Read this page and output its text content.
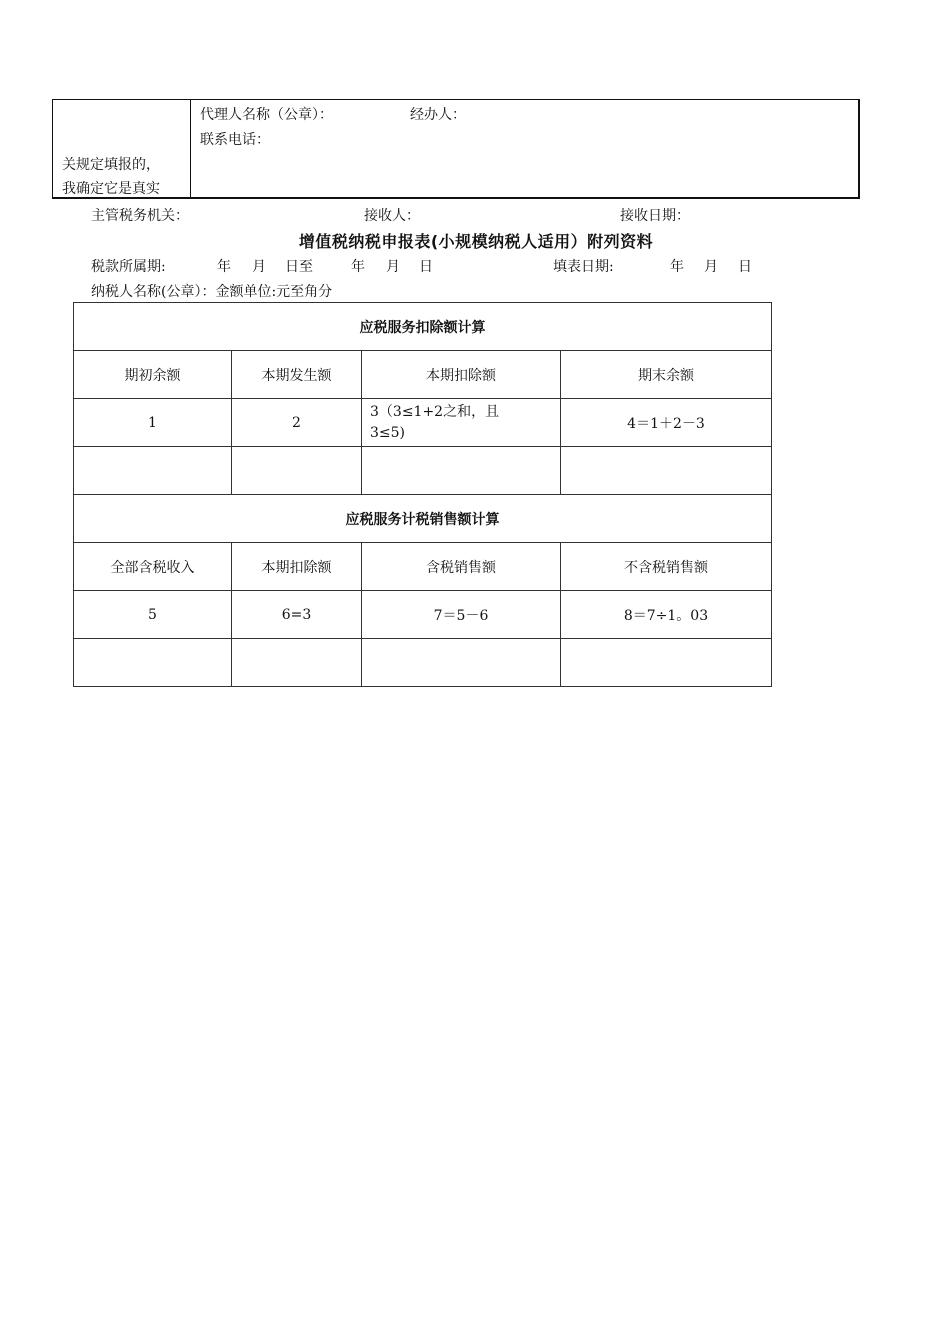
关规定填报的，
我确定它是真实
代理人名称（公章）：	经办人：
联系电话：
主管税务机关：	接收人：	接收日期：
增值税纳税申报表(小规模纳税人适用）附列资料
税款所属期:	年 月 日至	年 月 日	填表日期:	年 月 日
纳税人名称(公章）：金额单位:元至角分
应税服务扣除额计算			
期初余额	本期发生额	本期扣除额	期末余额
1	2	3（3≤1+2之和，且
3≤5)	4＝1＋2－3

应税服务计税销售额计算			
全部含税收入	本期扣除额	含税销售额	不含税销售额
5	6=3	7＝5－6	8＝7÷1。03
